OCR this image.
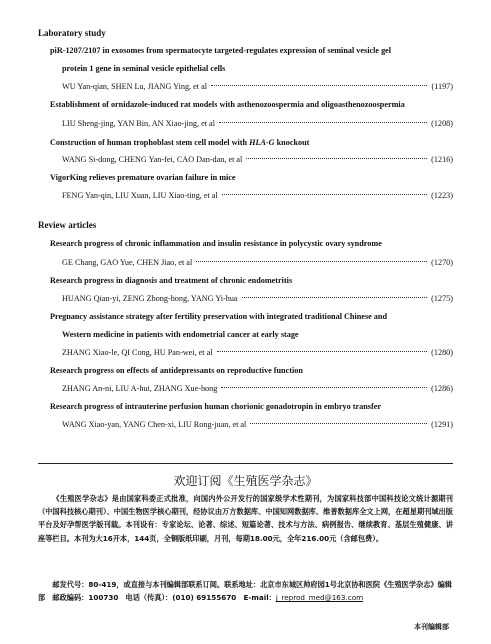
Laboratory study
piR-1207/2107 in exosomes from spermatocyte targeted-regulates expression of seminal vesicle gel
protein 1 gene in seminal vesicle epithelial cells
WU Yan-qian, SHEN Lu, JIANG Ying, et al	(1197)
Establishment of ornidazole-induced rat models with asthenozoospermia and oligoasthenozoospermia
LIU Sheng-jing, YAN Bin, AN Xiao-jing, et al	(1208)
Construction of human trophoblast stem cell model with HLA-G knockout
WANG Si-dong, CHENG Yan-fei, CAO Dan-dan, et al	(1216)
VigorKing relieves premature ovarian failure in mice
FENG Yan-qin, LIU Xuan, LIU Xiao-ting, et al	(1223)
Review articles
Research progress of chronic inflammation and insulin resistance in polycystic ovary syndrome
GE Chang, GAO Yue, CHEN Jiao, et al	(1270)
Research progress in diagnosis and treatment of chronic endometritis
HUANG Qian-yi, ZENG Zhong-hong, YANG Yi-hua	(1275)
Pregnancy assistance strategy after fertility preservation with integrated traditional Chinese and
Western medicine in patients with endometrial cancer at early stage
ZHANG Xiao-le, QI Cong, HU Pan-wei, et al	(1280)
Research progress on effects of antidepressants on reproductive function
ZHANG An-ni, LIU A-hui, ZHANG Xue-hong	(1286)
Research progress of intrauterine perfusion human chorionic gonadotropin in embryo transfer
WANG Xiao-yan, YANG Chen-xi, LIU Rong-juan, et al	(1291)
欢迎订阅《生殖医学杂志》

《生殖医学杂志》是由国家科委正式批准，向国内外公开发行的国家级学术性期刊，为国家科技部中国科技论文统计源期刊（中国科技核心期刊）、中国生物医学核心期刊，经协议由万方数据库、中国知网数据库、维普数据库全文上网，在超星期刊域出版平台及好孕帮医学版刊载。本刊设有：专家论坛、论著、综述、短篇论著、技术与方法、病例报告、继续教育、基层生殖健康、讲座等栏目。本刊为大16开本，144页，全铜版纸印刷，月刊，每期18.00元，全年216.00元（含邮包费）。

邮发代号：80-419，或直接与本刊编辑部联系订阅。联系地址：北京市东城区帅府园1号北京协和医院《生殖医学杂志》编辑部　邮政编码：100730　电话（传真）：(010) 69155670　E-mail：j_reprod_med@163.com
本刊编辑部
